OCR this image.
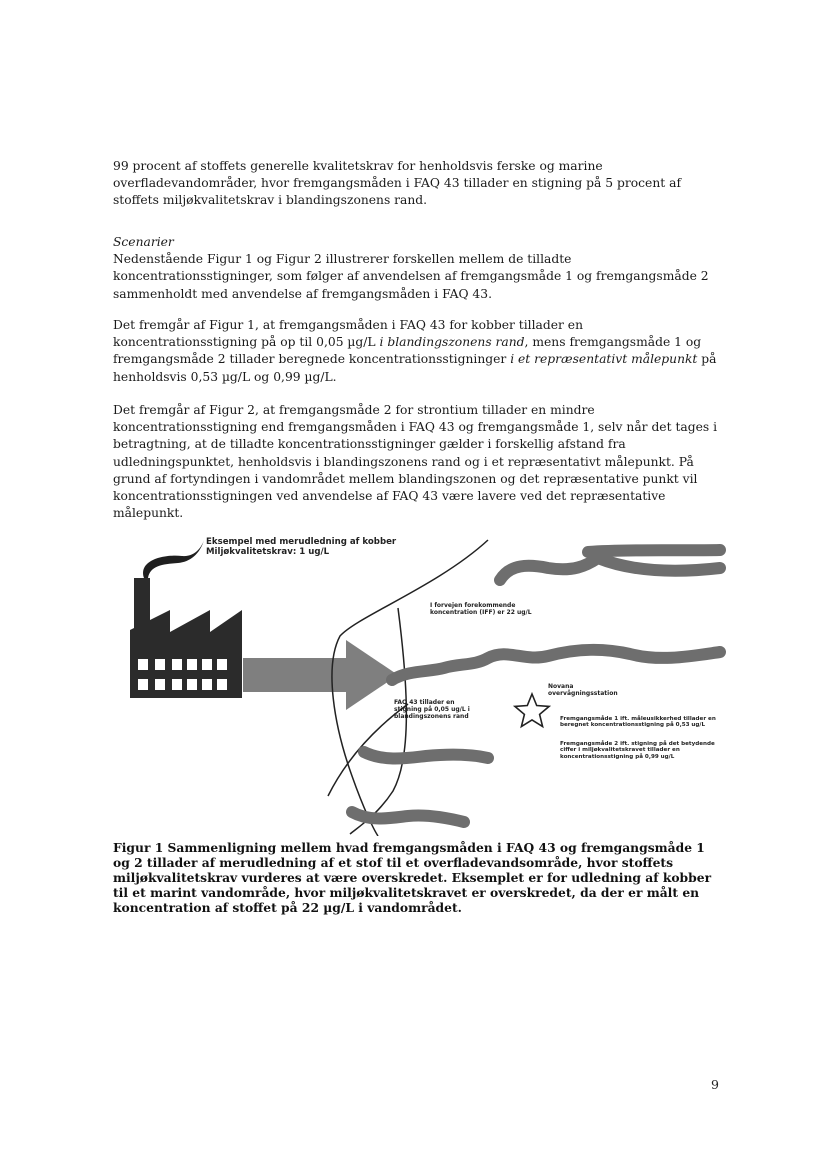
99 procent af stoffets generelle kvalitetskrav for henholdsvis ferske og marine overfladevandområder, hvor fremgangsmåden i FAQ 43 tillader en stigning på 5 procent af stoffets miljøkvalitetskrav i blandingszonens rand.

Scenarier

Nedenstående Figur 1 og Figur 2 illustrerer forskellen mellem de tilladte koncentrationsstigninger, som følger af anvendelsen af fremgangsmåde 1 og fremgangsmåde 2 sammenholdt med anvendelse af fremgangsmåden i FAQ 43.

Det fremgår af Figur 1, at fremgangsmåden i FAQ 43 for kobber tillader en koncentrationsstigning på op til 0,05 µg/L i blandingszonens rand, mens fremgangsmåde 1 og fremgangsmåde 2 tillader beregnede koncentrationsstigninger i et repræsentativt målepunkt på henholdsvis 0,53 µg/L og 0,99 µg/L.

Det fremgår af Figur 2, at fremgangsmåde 2 for strontium tillader en mindre koncentrationsstigning end fremgangsmåden i FAQ 43 og fremgangsmåde 1, selv når det tages i betragtning, at de tilladte koncentrationsstigninger gælder i forskellig afstand fra udledningspunktet, henholdsvis i blandingszonens rand og i et repræsentativt målepunkt. På grund af fortyndingen i vandområdet mellem blandingszonen og det repræsentative punkt vil koncentrationsstigningen ved anvendelse af FAQ 43 være lavere ved det repræsentative målepunkt.

Eksempel med merudledning af kobber
Miljøkvalitetskrav: 1 ug/L
I forvejen forekommende
koncentration (IFF) er 22 ug/L
FAQ 43 tillader en
stigning på 0,05 ug/L i
blandingszonens rand
Novana
overvågningsstation
Fremgangsmåde 1 ift. måleusikkerhed tillader en
beregnet koncentrationsstigning på 0,53 ug/L
Fremgangsmåde 2 ift. stigning på det betydende
ciffer i miljøkvalitetskravet tillader en
koncentrationsstigning på 0,99 ug/L
Figur 1 Sammenligning mellem hvad fremgangsmåden i FAQ 43 og fremgangsmåde 1 og 2 tillader af merudledning af et stof til et overfladevandsområde, hvor stoffets miljøkvalitetskrav vurderes at være overskredet. Eksemplet er for udledning af kobber til et marint vandområde, hvor miljøkvalitetskravet er overskredet, da der er målt en koncentration af stoffet på 22 µg/L i vandområdet.
9
